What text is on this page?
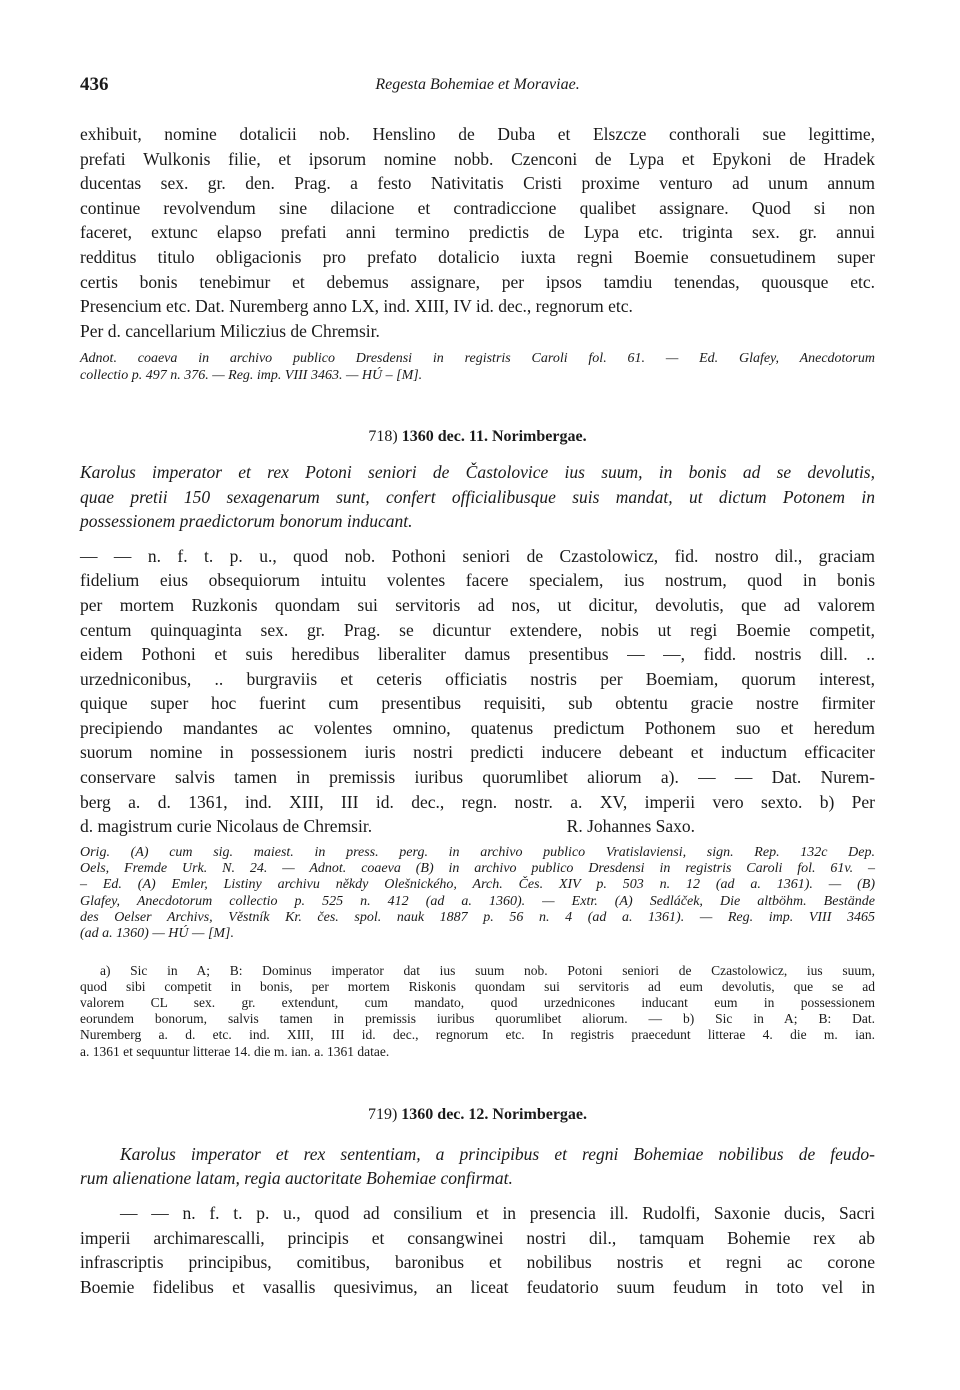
436	Regesta Bohemiae et Moraviae.
exhibuit, nomine dotalicii nob. Henslino de Duba et Elszcze conthorali sue legittime,
prefati Wulkonis filie, et ipsorum nomine nobb. Czenconi de Lypa et Epykoni de Hradek
ducentas sex. gr. den. Prag. a festo Nativitatis Cristi proxime venturo ad unum annum
continue revolvendum sine dilacione et contradiccione qualibet assignare. Quod si non
faceret, extunc elapso prefati anni termino predictis de Lypa etc. triginta sex. gr. annui
redditus titulo obligacionis pro prefato dotalicio iuxta regni Boemie consuetudinem super
certis bonis tenebimur et debemus assignare, per ipsos tamdiu tenendas, quousque etc.
Presencium etc. Dat. Nuremberg anno LX, ind. XIII, IV id. dec., regnorum etc.
Per d. cancellarium Miliczius de Chremsir.
Adnot. coaeva in archivo publico Dresdensi in registris Caroli fol. 61. — Ed. Glafey, Anecdotorum
collectio p. 497 n. 376. — Reg. imp. VIII 3463. — HÚ – [M].
718) 1360 dec. 11. Norimbergae.
Karolus imperator et rex Potoni seniori de Častolovice ius suum, in bonis ad se devolutis,
quae pretii 150 sexagenarum sunt, confert officialibusque suis mandat, ut dictum Potonem in
possessionem praedictorum bonorum inducant.
— — n. f. t. p. u., quod nob. Pothoni seniori de Czastolowicz, fid. nostro dil., graciam
fidelium eius obsequiorum intuitu volentes facere specialem, ius nostrum, quod in bonis
per mortem Ruzkonis quondam sui servitoris ad nos, ut dicitur, devolutis, que ad valorem
centum quinquaginta sex. gr. Prag. se dicuntur extendere, nobis ut regi Boemie competit,
eidem Pothoni et suis heredibus liberaliter damus presentibus — —, fidd. nostris dill. ..
urzedniconibus, .. burgraviis et ceteris officiatis nostris per Boemiam, quorum interest,
quique super hoc fuerint cum presentibus requisiti, sub obtentu gracie nostre firmiter
precipiendo mandantes ac volentes omnino, quatenus predictum Pothonem suo et heredum
suorum nomine in possessionem iuris nostri predicti inducere debeant et inductum efficaciter
conservare salvis tamen in premissis iuribus quorumlibet aliorum a). — — Dat. Nurem-
berg a. d. 1361, ind. XIII, III id. dec., regn. nostr. a. XV, imperii vero sexto. b) Per
d. magistrum curie Nicolaus de Chremsir.	R. Johannes Saxo.
Orig. (A) cum sig. maiest. in press. perg. in archivo publico Vratislaviensi, sign. Rep. 132c Dep.
Oels, Fremde Urk. N. 24. — Adnot. coaeva (B) in archivo publico Dresdensi in registris Caroli fol. 61v. –
– Ed. (A) Emler, Listiny archivu někdy Olešnického, Arch. Čes. XIV p. 503 n. 12 (ad a. 1361). — (B)
Glafey, Anecdotorum collectio p. 525 n. 412 (ad a. 1360). — Extr. (A) Sedláček, Die altböhm. Bestände
des Oelser Archivs, Věstník Kr. čes. spol. nauk 1887 p. 56 n. 4 (ad a. 1361). — Reg. imp. VIII 3465
(ad a. 1360) — HÚ — [M].
a) Sic in A; B: Dominus imperator dat ius suum nob. Potoni seniori de Czastolowicz, ius suum,
quod sibi competit in bonis, per mortem Riskonis quondam sui servitoris ad eum devolutis, que se ad
valorem CL sex. gr. extendunt, cum mandato, quod urzednicones inducant eum in possessionem
eorundem bonorum, salvis tamen in premissis iuribus quorumlibet aliorum. — b) Sic in A; B: Dat.
Nuremberg a. d. etc. ind. XIII, III id. dec., regnorum etc. In registris praecedunt litterae 4. die m. ian.
a. 1361 et sequuntur litterae 14. die m. ian. a. 1361 datae.
719) 1360 dec. 12. Norimbergae.
Karolus imperator et rex sententiam, a principibus et regni Bohemiae nobilibus de feudo-
rum alienatione latam, regia auctoritate Bohemiae confirmat.
— — n. f. t. p. u., quod ad consilium et in presencia ill. Rudolfi, Saxonie ducis, Sacri
imperii archimarescalli, principis et consangwinei nostri dil., tamquam Bohemie rex ab
infrascriptis principibus, comitibus, baronibus et nobilibus nostris et regni ac corone
Boemie fidelibus et vasallis quesivimus, an liceat feudatorio suum feudum in toto vel in
